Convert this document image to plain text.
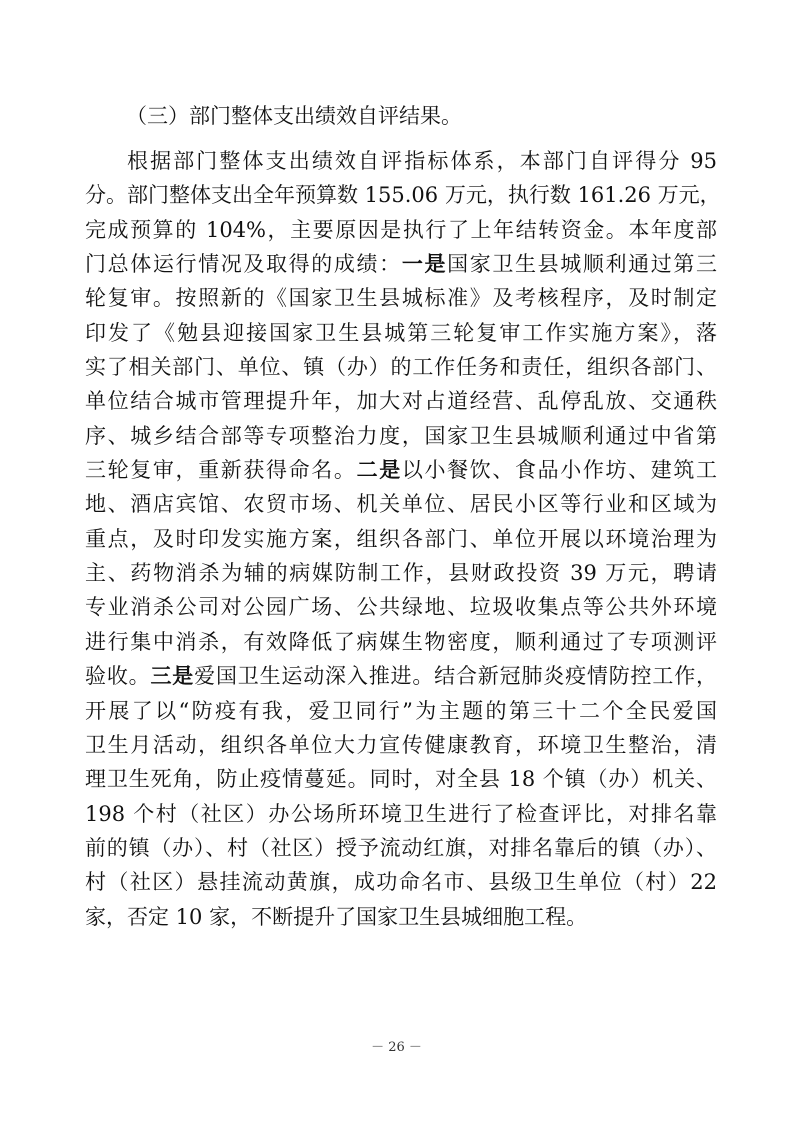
（三）部门整体支出绩效自评结果。
根据部门整体支出绩效自评指标体系，本部门自评得分 95
分。部门整体支出全年预算数 155.06 万元，执行数 161.26 万元，
完成预算的 104%，主要原因是执行了上年结转资金。本年度部
门总体运行情况及取得的成绩：一是国家卫生县城顺利通过第三
轮复审。按照新的《国家卫生县城标准》及考核程序，及时制定
印发了《勉县迎接国家卫生县城第三轮复审工作实施方案》，落
实了相关部门、单位、镇（办）的工作任务和责任，组织各部门、
单位结合城市管理提升年，加大对占道经营、乱停乱放、交通秩
序、城乡结合部等专项整治力度，国家卫生县城顺利通过中省第
三轮复审，重新获得命名。二是以小餐饮、食品小作坊、建筑工
地、酒店宾馆、农贸市场、机关单位、居民小区等行业和区域为
重点，及时印发实施方案，组织各部门、单位开展以环境治理为
主、药物消杀为辅的病媒防制工作，县财政投资 39 万元，聘请
专业消杀公司对公园广场、公共绿地、垃圾收集点等公共外环境
进行集中消杀，有效降低了病媒生物密度，顺利通过了专项测评
验收。三是爱国卫生运动深入推进。结合新冠肺炎疫情防控工作，
开展了以“防疫有我，爱卫同行”为主题的第三十二个全民爱国
卫生月活动，组织各单位大力宣传健康教育，环境卫生整治，清
理卫生死角，防止疫情蔓延。同时，对全县 18 个镇（办）机关、
198 个村（社区）办公场所环境卫生进行了检查评比，对排名靠
前的镇（办）、村（社区）授予流动红旗，对排名靠后的镇（办）、
村（社区）悬挂流动黄旗，成功命名市、县级卫生单位（村）22
家，否定 10 家，不断提升了国家卫生县城细胞工程。
－ 26 －
